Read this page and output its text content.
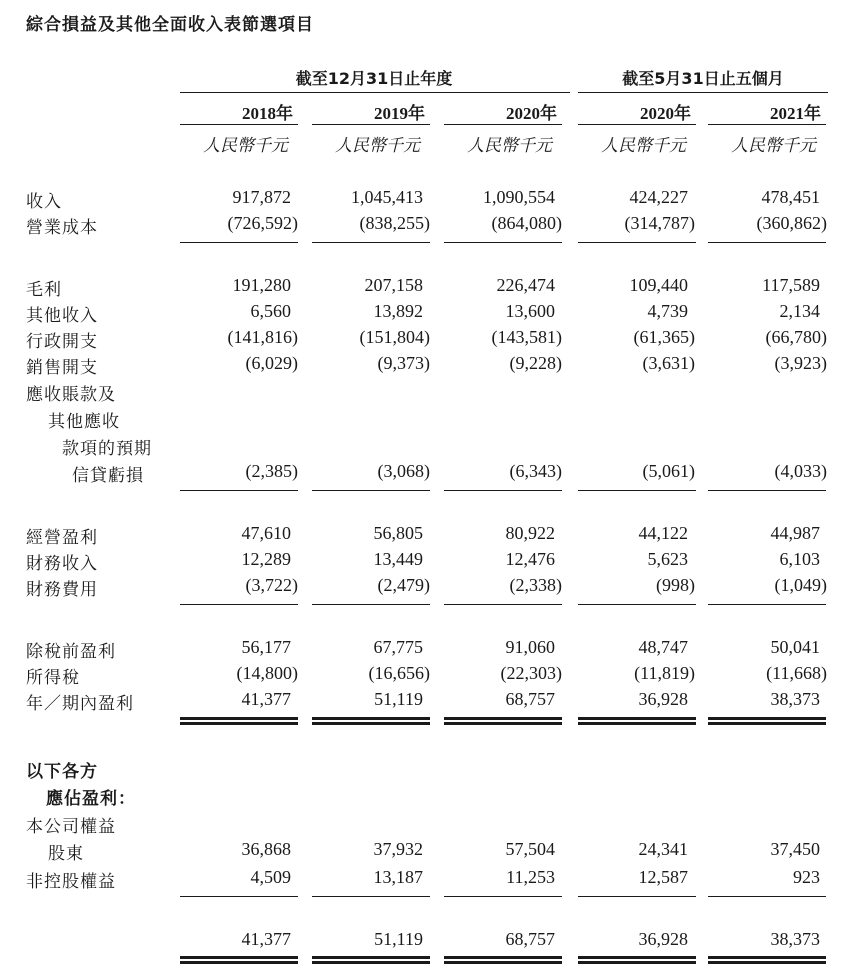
綜合損益及其他全面收入表節選項目
截至12月31日止年度	截至5月31日止五個月
2018年	2019年	2020年	2020年	2021年
人民幣千元	人民幣千元	人民幣千元	人民幣千元	人民幣千元
收入	917,872	1,045,413	1,090,554	424,227	478,451
營業成本	(726,592)	(838,255)	(864,080)	(314,787)	(360,862)
毛利	191,280	207,158	226,474	109,440	117,589
其他收入	6,560	13,892	13,600	4,739	2,134
行政開支	(141,816)	(151,804)	(143,581)	(61,365)	(66,780)
銷售開支	(6,029)	(9,373)	(9,228)	(3,631)	(3,923)
應收賬款及
其他應收
款項的預期
信貸虧損	(2,385)	(3,068)	(6,343)	(5,061)	(4,033)
經營盈利	47,610	56,805	80,922	44,122	44,987
財務收入	12,289	13,449	12,476	5,623	6,103
財務費用	(3,722)	(2,479)	(2,338)	(998)	(1,049)
除稅前盈利	56,177	67,775	91,060	48,747	50,041
所得稅	(14,800)	(16,656)	(22,303)	(11,819)	(11,668)
年／期內盈利	41,377	51,119	68,757	36,928	38,373
以下各方
應佔盈利：
本公司權益
股東	36,868	37,932	57,504	24,341	37,450
非控股權益	4,509	13,187	11,253	12,587	923
41,377	51,119	68,757	36,928	38,373
